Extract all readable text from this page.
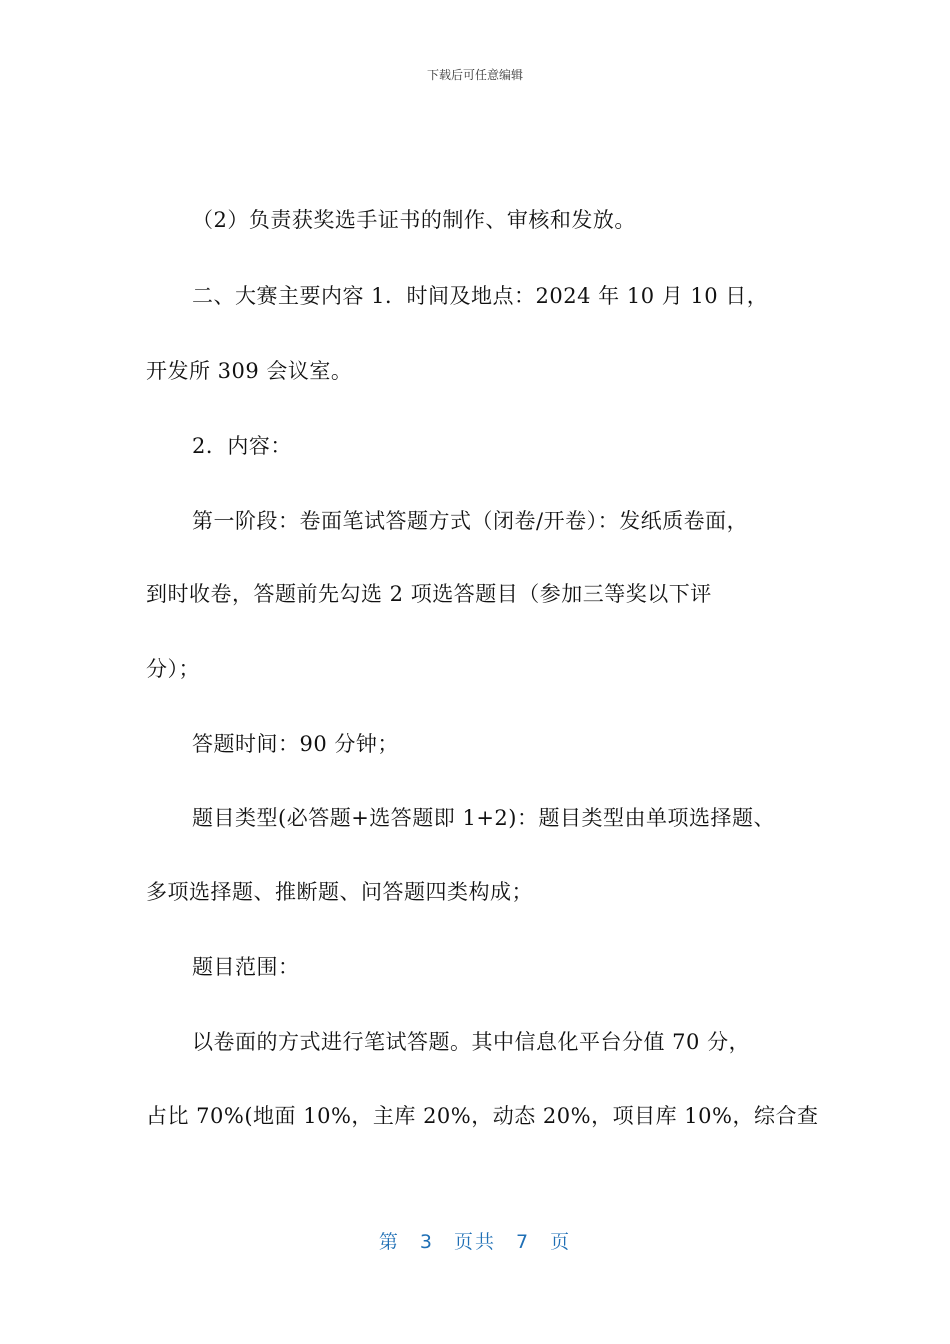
下载后可任意编辑
（2）负责获奖选手证书的制作、审核和发放。
二、大赛主要内容 1．时间及地点：2024 年 10 月 10 日，
开发所 309 会议室。
2．内容：
第一阶段：卷面笔试答题方式（闭卷/开卷）：发纸质卷面，
到时收卷，答题前先勾选 2 项选答题目（参加三等奖以下评
分）；
答题时间：90 分钟；
题目类型(必答题+选答题即 1+2)：题目类型由单项选择题、
多项选择题、推断题、问答题四类构成；
题目范围：
以卷面的方式进行笔试答题。其中信息化平台分值 70 分，
占比 70%(地面 10%，主库 20%，动态 20%，项目库 10%，综合查
第 3 页共 7 页
